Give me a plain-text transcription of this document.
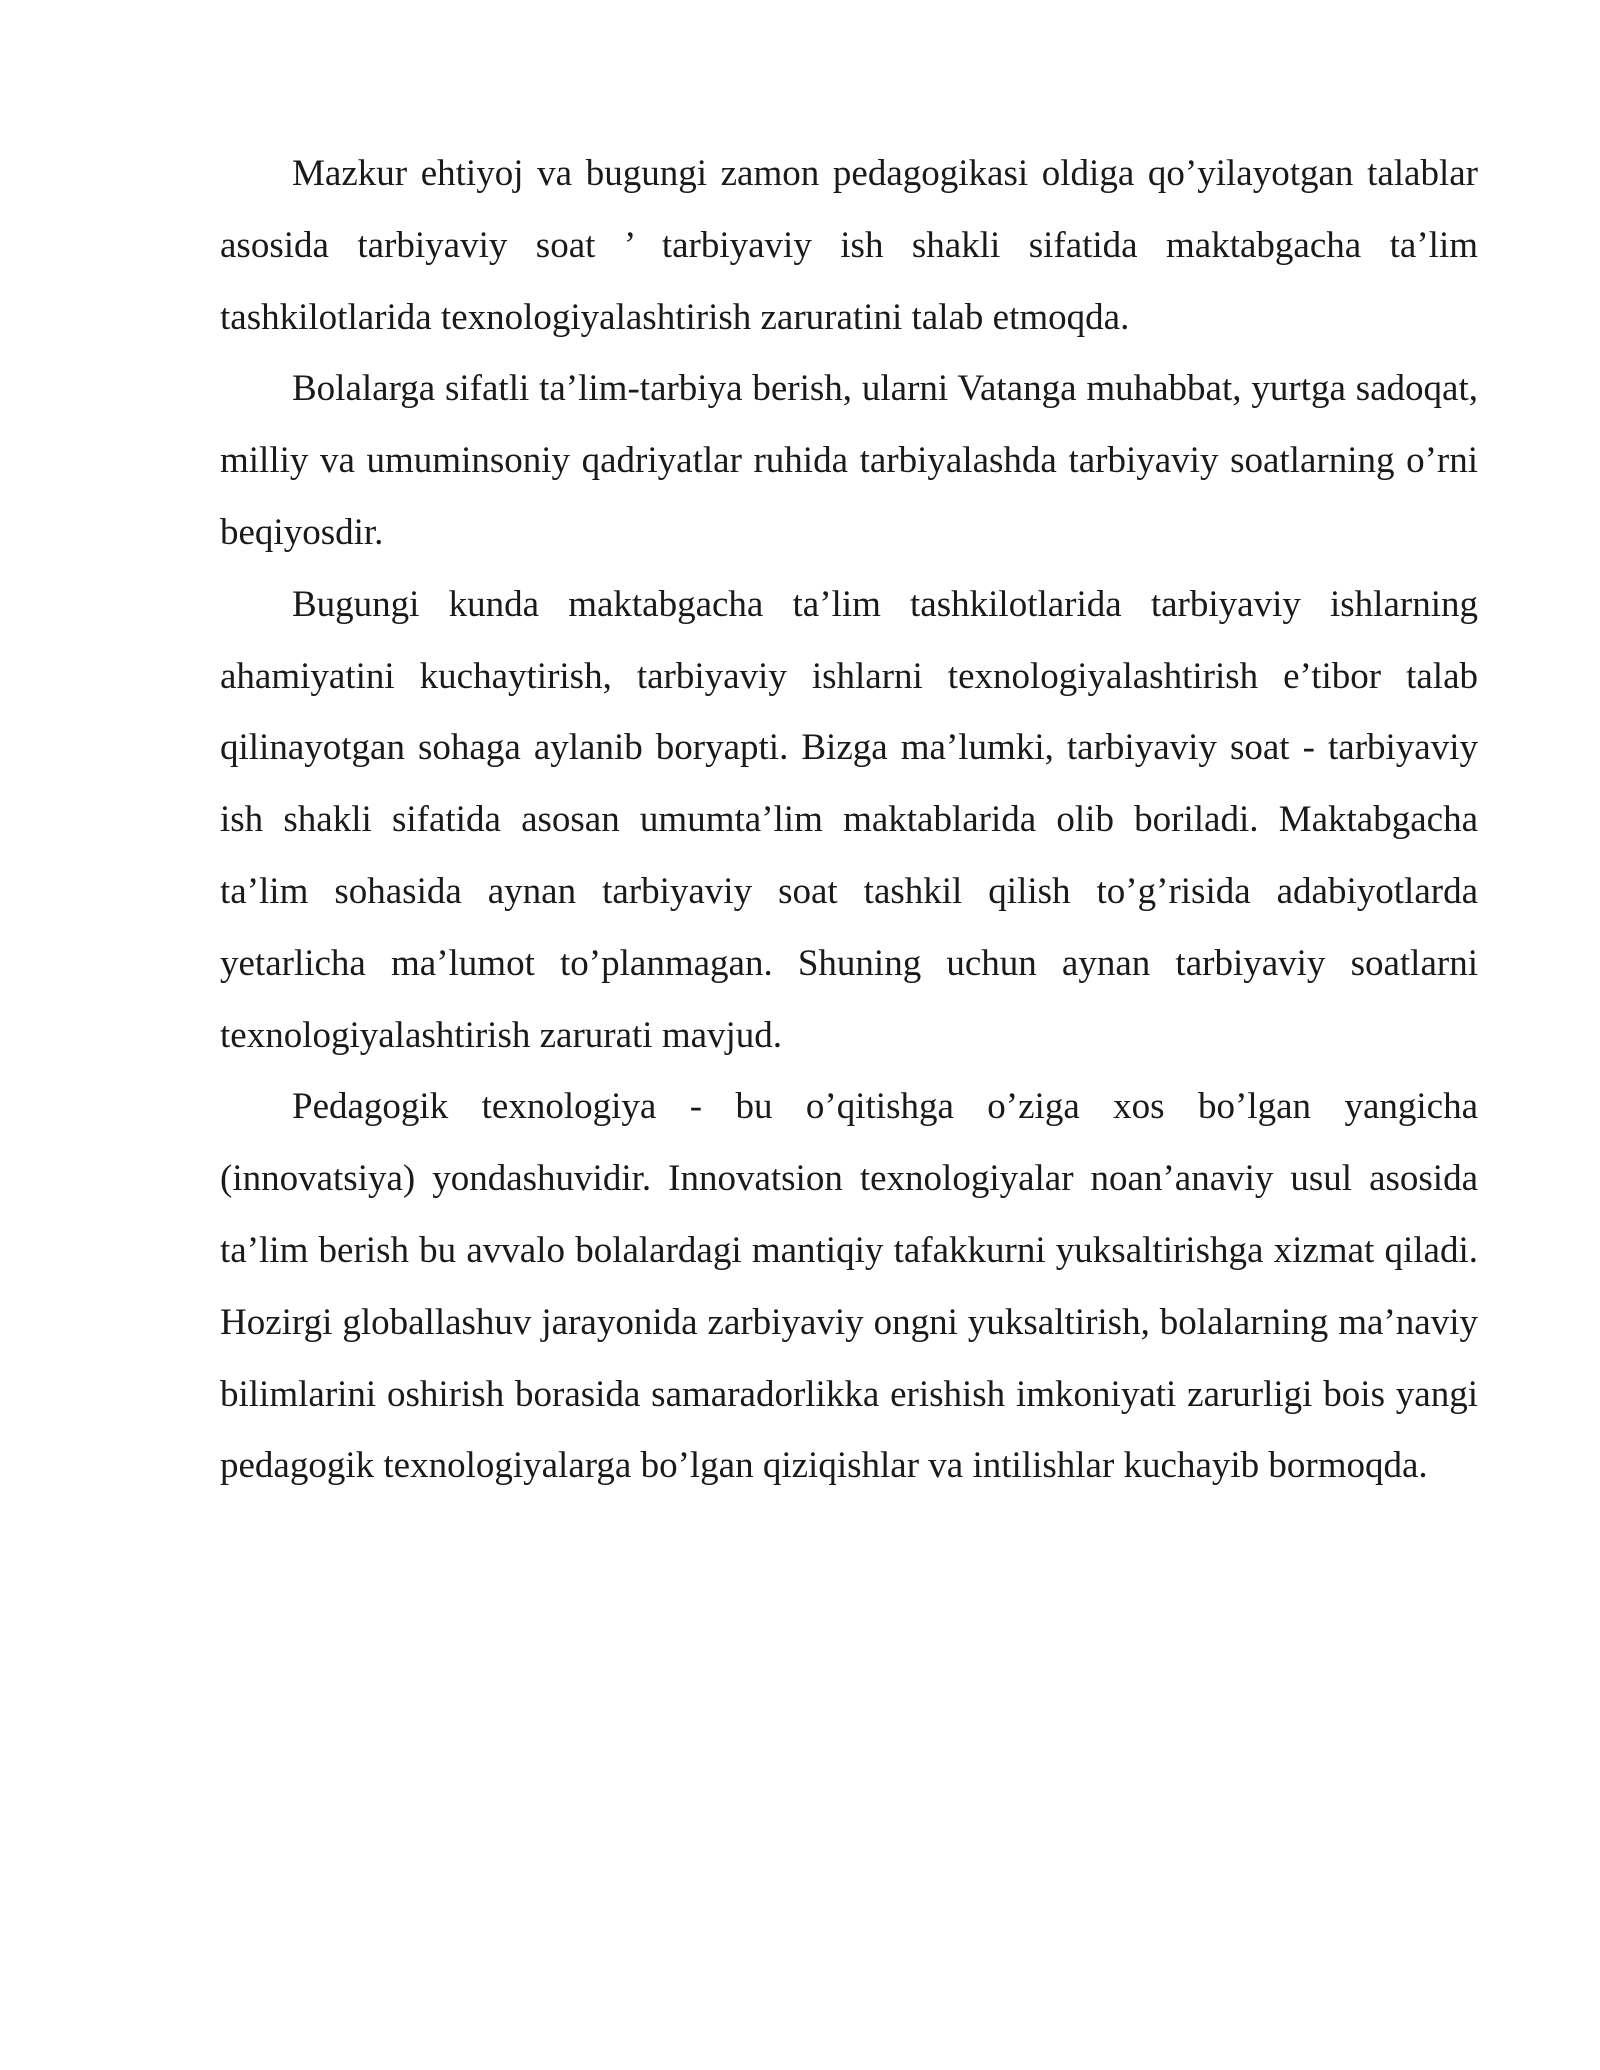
Mazkur ehtiyoj va bugungi zamon pedagogikasi oldiga qo’yilayotgan talablar asosida tarbiyaviy soat ’ tarbiyaviy ish shakli sifatida maktabgacha ta’lim tashkilotlarida texnologiyalashtirish zaruratini talab etmoqda.

Bolalarga sifatli ta’lim-tarbiya berish, ularni Vatanga muhabbat, yurtga sadoqat, milliy va umuminsoniy qadriyatlar ruhida tarbiyalashda tarbiyaviy soatlarning o’rni beqiyosdir.

Bugungi kunda maktabgacha ta’lim tashkilotlarida tarbiyaviy ishlarning ahamiyatini kuchaytirish, tarbiyaviy ishlarni texnologiyalashtirish e’tibor talab qilinayotgan sohaga aylanib boryapti. Bizga ma’lumki, tarbiyaviy soat - tarbiyaviy ish shakli sifatida asosan umumta’lim maktablarida olib boriladi. Maktabgacha ta’lim sohasida aynan tarbiyaviy soat tashkil qilish to’g’risida adabiyotlarda yetarlicha ma’lumot to’planmagan. Shuning uchun aynan tarbiyaviy soatlarni texnologiyalashtirish zarurati mavjud.

Pedagogik texnologiya - bu o’qitishga o’ziga xos bo’lgan yangicha (innovatsiya) yondashuvidir. Innovatsion texnologiyalar noan’anaviy usul asosida ta’lim berish bu avvalo bolalardagi mantiqiy tafakkurni yuksaltirishga xizmat qiladi. Hozirgi globallashuv jarayonida zarbiyaviy ongni yuksaltirish, bolalarning ma’naviy bilimlarini oshirish borasida samaradorlikka erishish imkoniyati zarurligi bois yangi pedagogik texnologiyalarga bo’lgan qiziqishlar va intilishlar kuchayib bormoqda.
